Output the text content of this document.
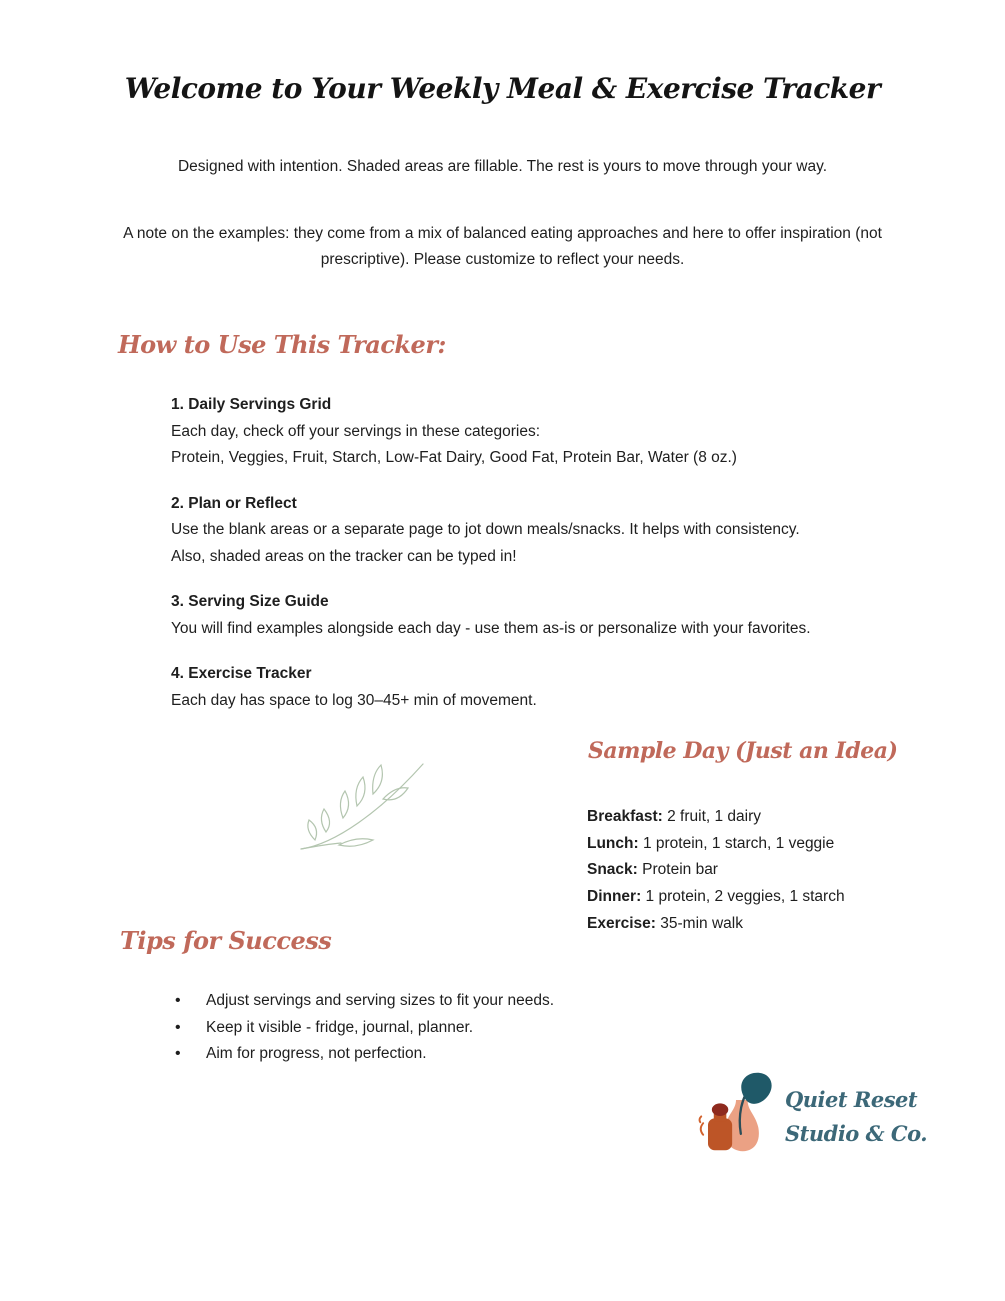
Welcome to Your Weekly Meal & Exercise Tracker

Designed with intention. Shaded areas are fillable. The rest is yours to move through your way.

A note on the examples: they come from a mix of balanced eating approaches and here to offer inspiration (not prescriptive). Please customize to reflect your needs.

How to Use This Tracker:

1. Daily Servings Grid

Each day, check off your servings in these categories:

Protein, Veggies, Fruit, Starch, Low-Fat Dairy, Good Fat, Protein Bar, Water (8 oz.)

2. Plan or Reflect

Use the blank areas or a separate page to jot down meals/snacks. It helps with consistency.

Also, shaded areas on the tracker can be typed in!

3. Serving Size Guide

You will find examples alongside each day - use them as-is or personalize with your favorites.

4. Exercise Tracker

Each day has space to log 30–45+ min of movement.

Sample Day (Just an Idea)

Breakfast: 2 fruit, 1 dairy

Lunch: 1 protein, 1 starch, 1 veggie

Snack: Protein bar

Dinner: 1 protein, 2 veggies, 1 starch

Exercise: 35-min walk

Tips for Success
• Adjust servings and serving sizes to fit your needs.
• Keep it visible - fridge, journal, planner.
• Aim for progress, not perfection.
Quiet Reset
Studio & Co.
